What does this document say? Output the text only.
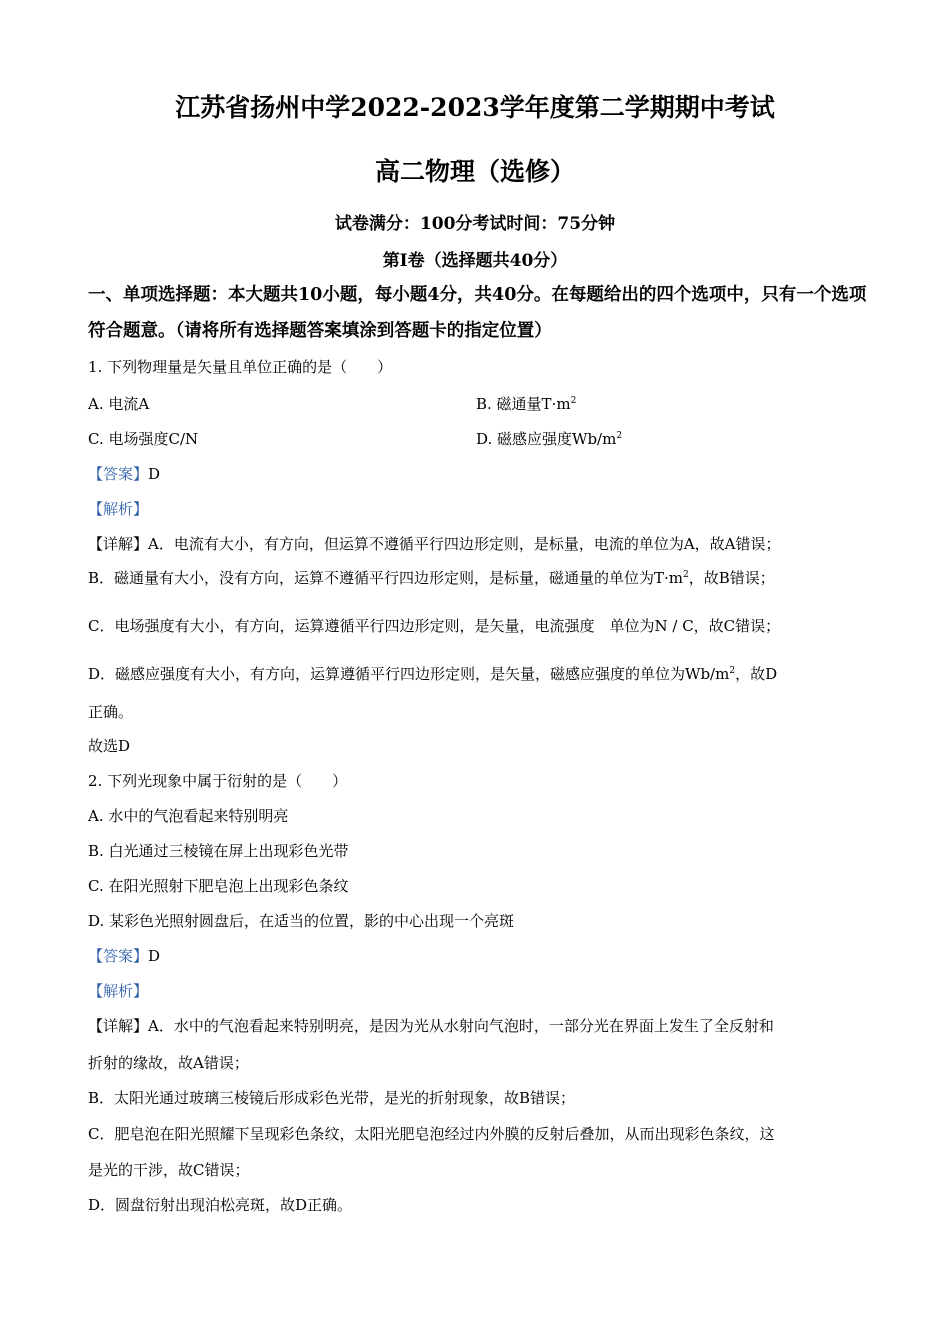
江苏省扬州中学2022-2023学年度第二学期期中考试
高二物理（选修）
试卷满分：100分考试时间：75分钟
第Ⅰ卷（选择题共40分）
一、单项选择题：本大题共10小题，每小题4分，共40分。在每题给出的四个选项中，只有一个选项符合题意。（请将所有选择题答案填涂到答题卡的指定位置）
1. 下列物理量是矢量且单位正确的是（　　）
A. 电流A	B. 磁通量$T\cdot m^2$
C. 电场强度C/N	D. 磁感应强度$Wb/m^2$
【答案】D
【解析】
【详解】A．电流有大小，有方向，但运算不遵循平行四边形定则，是标量，电流的单位为A，故A错误；
B．磁通量有大小，没有方向，运算不遵循平行四边形定则，是标量，磁通量的单位为$T\cdot m^2$，故B错误；
C．电场强度有大小，有方向，运算遵循平行四边形定则，是矢量，电流强度　单位为N / C，故C错误；
D．磁感应强度有大小，有方向，运算遵循平行四边形定则，是矢量，磁感应强度的单位为$Wb/m^2$，故D
正确。
故选D
2. 下列光现象中属于衍射的是（　　）
A. 水中的气泡看起来特别明亮
B. 白光通过三棱镜在屏上出现彩色光带
C. 在阳光照射下肥皂泡上出现彩色条纹
D. 某彩色光照射圆盘后，在适当的位置，影的中心出现一个亮斑
【答案】D
【解析】
【详解】A．水中的气泡看起来特别明亮，是因为光从水射向气泡时，一部分光在界面上发生了全反射和
折射的缘故，故A错误；
B．太阳光通过玻璃三棱镜后形成彩色光带，是光的折射现象，故B错误；
C．肥皂泡在阳光照耀下呈现彩色条纹，太阳光肥皂泡经过内外膜的反射后叠加，从而出现彩色条纹，这
是光的干涉，故C错误；
D．圆盘衍射出现泊松亮斑，故D正确。
